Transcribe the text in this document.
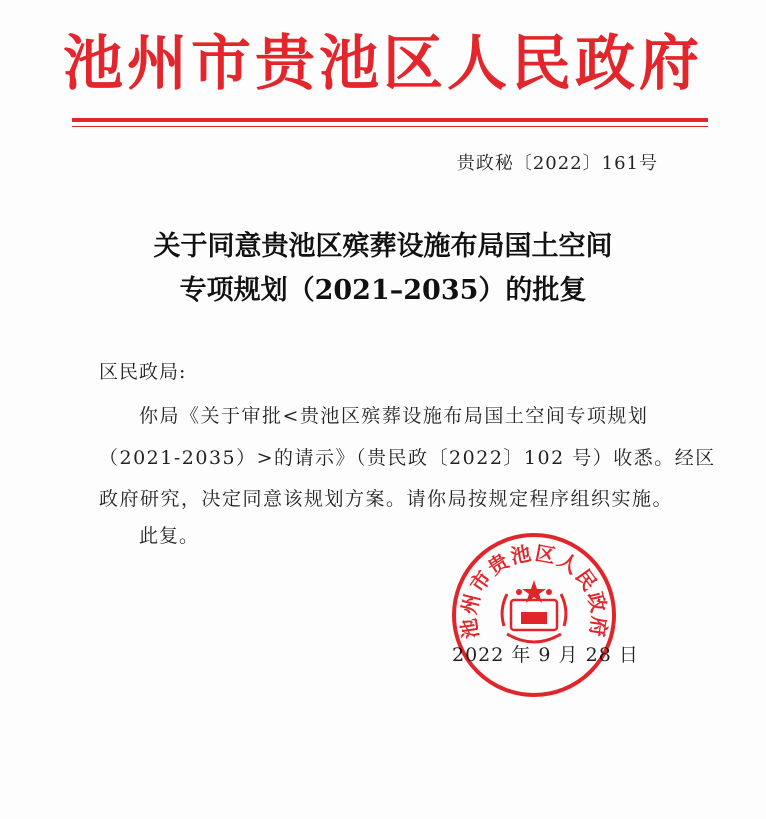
池州市贵池区人民政府
贵政秘〔2022〕161号
关于同意贵池区殡葬设施布局国土空间
专项规划（2021–2035）的批复
区民政局:
你局《关于审批<贵池区殡葬设施布局国土空间专项规划
（2021-2035）>的请示》（贵民政〔2022〕102 号）收悉。经区
政府研究，决定同意该规划方案。请你局按规定程序组织实施。
此复。
2022 年 9 月 28 日
池州市贵池区人民政府
